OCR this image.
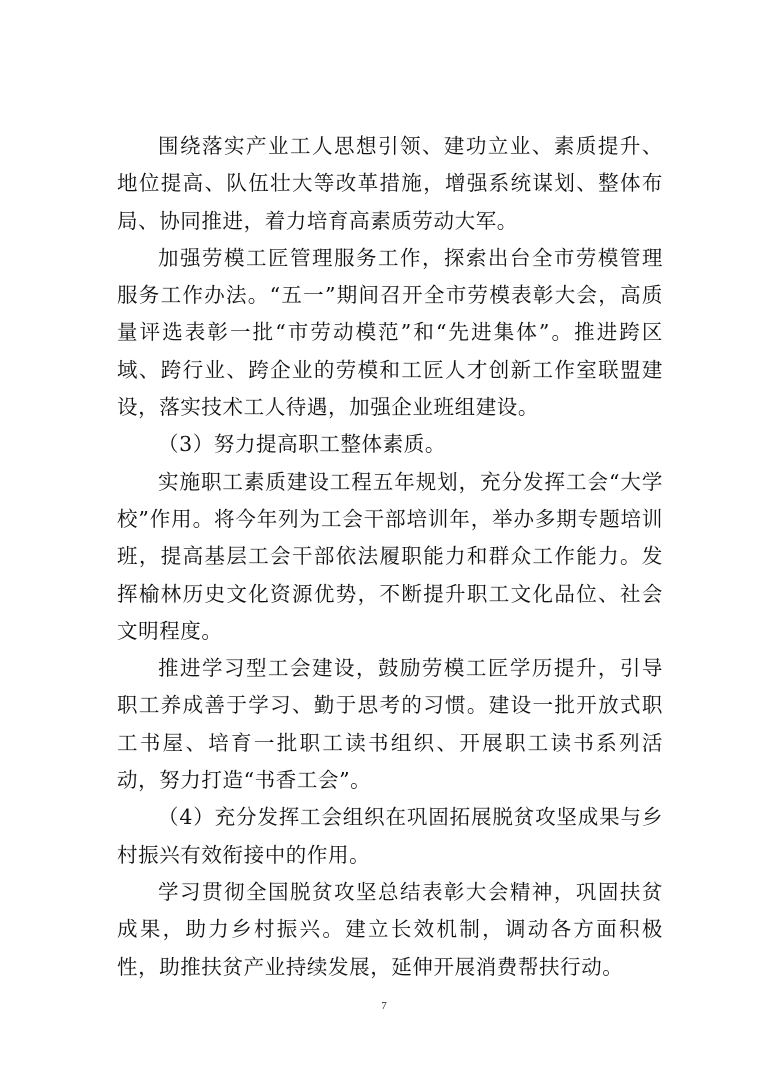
围绕落实产业工人思想引领、建功立业、素质提升、地位提高、队伍壮大等改革措施，增强系统谋划、整体布局、协同推进，着力培育高素质劳动大军。

加强劳模工匠管理服务工作，探索出台全市劳模管理服务工作办法。“五一”期间召开全市劳模表彰大会，高质量评选表彰一批“市劳动模范”和“先进集体”。推进跨区域、跨行业、跨企业的劳模和工匠人才创新工作室联盟建设，落实技术工人待遇，加强企业班组建设。

（3）努力提高职工整体素质。

实施职工素质建设工程五年规划，充分发挥工会“大学校”作用。将今年列为工会干部培训年，举办多期专题培训班，提高基层工会干部依法履职能力和群众工作能力。发挥榆林历史文化资源优势，不断提升职工文化品位、社会文明程度。

推进学习型工会建设，鼓励劳模工匠学历提升，引导职工养成善于学习、勤于思考的习惯。建设一批开放式职工书屋、培育一批职工读书组织、开展职工读书系列活动，努力打造“书香工会”。

（4）充分发挥工会组织在巩固拓展脱贫攻坚成果与乡村振兴有效衔接中的作用。

学习贯彻全国脱贫攻坚总结表彰大会精神，巩固扶贫成果，助力乡村振兴。建立长效机制，调动各方面积极性，助推扶贫产业持续发展，延伸开展消费帮扶行动。

7
